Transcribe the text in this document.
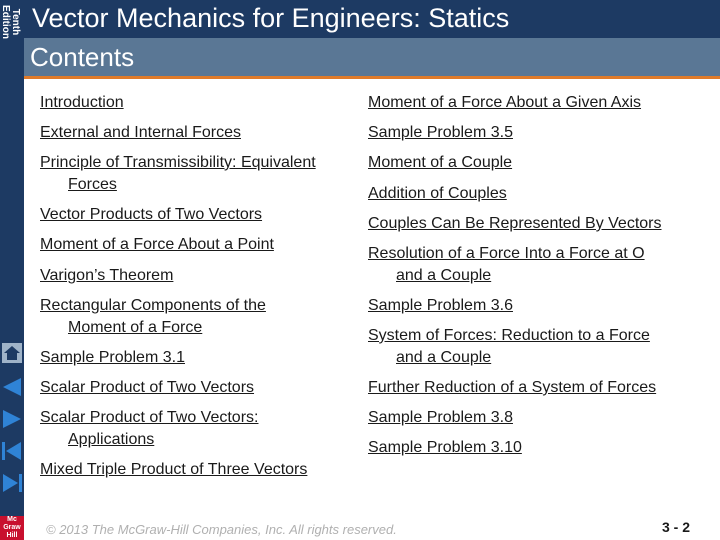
Tenth Edition
Mc Graw Hill
Vector Mechanics for Engineers: Statics
Contents
Introduction
External and Internal Forces
Principle of Transmissibility: Equivalent
Forces
Vector Products of Two Vectors
Moment of a Force About a Point
Varigon’s Theorem
Rectangular Components of the
Moment of a Force
Sample Problem 3.1
Scalar Product of Two Vectors
Scalar Product of Two Vectors:
Applications
Mixed Triple Product of Three Vectors
Moment of a Force About a Given Axis
Sample Problem 3.5
Moment of a Couple
Addition of Couples
Couples Can Be Represented By Vectors
Resolution of a Force Into a Force at O
and a Couple
Sample Problem 3.6
System of Forces: Reduction to a Force
and a Couple
Further Reduction of a System of Forces
Sample Problem 3.8
Sample Problem 3.10
© 2013 The McGraw-Hill Companies, Inc. All rights reserved.	3 - 2
